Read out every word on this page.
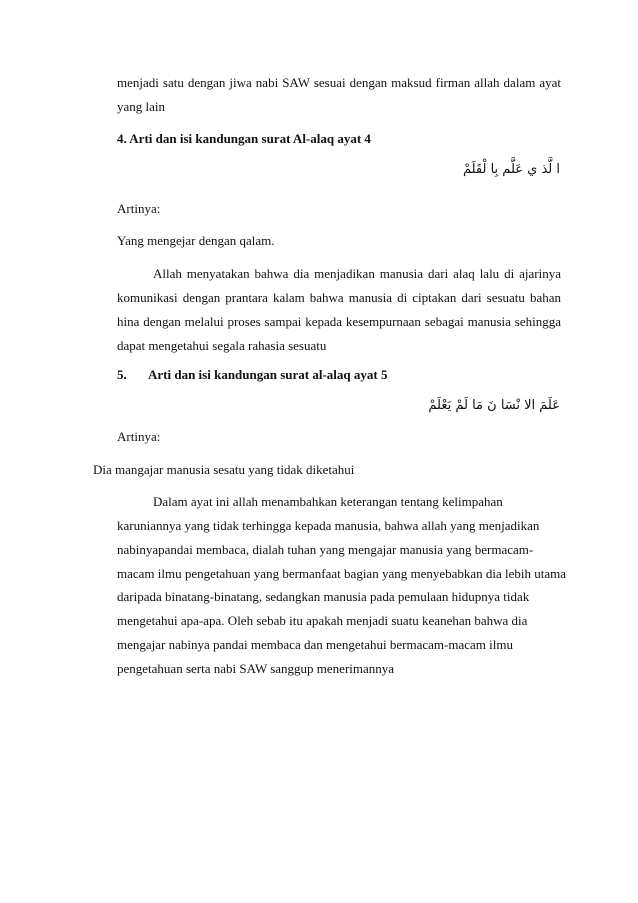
menjadi satu dengan jiwa nabi SAW sesuai dengan maksud firman allah dalam ayat
yang lain
4. Arti dan isi kandungan surat Al-alaq ayat 4
ا لَّذ ي عَلَّم بِا لْقَلَمْ
Artinya:
Yang mengejar dengan qalam.
Allah menyatakan bahwa dia menjadikan manusia dari alaq lalu di ajarinya
komunikasi dengan prantara kalam bahwa manusia di ciptakan dari sesuatu bahan
hina dengan melalui proses sampai kepada kesempurnaan sebagai manusia sehingga
dapat mengetahui segala rahasia sesuatu
5. Arti dan isi kandungan surat al-alaq ayat 5
عَلَمَ الا نْسَا نَ مَا لَمْ يَعْلَمْ
Artinya:
Dia mangajar manusia sesatu yang tidak diketahui
Dalam ayat ini allah menambahkan keterangan tentang kelimpahan
karuniannya yang tidak terhingga kepada manusia, bahwa allah yang menjadikan
nabinyapandai membaca, dialah tuhan yang mengajar manusia yang bermacam-
macam ilmu pengetahuan yang bermanfaat bagian yang menyebabkan dia lebih utama
daripada binatang-binatang, sedangkan manusia pada pemulaan hidupnya tidak
mengetahui apa-apa. Oleh sebab itu apakah menjadi suatu keanehan bahwa dia
mengajar nabinya pandai membaca dan mengetahui bermacam-macam ilmu
pengetahuan serta nabi SAW sanggup menerimannya
